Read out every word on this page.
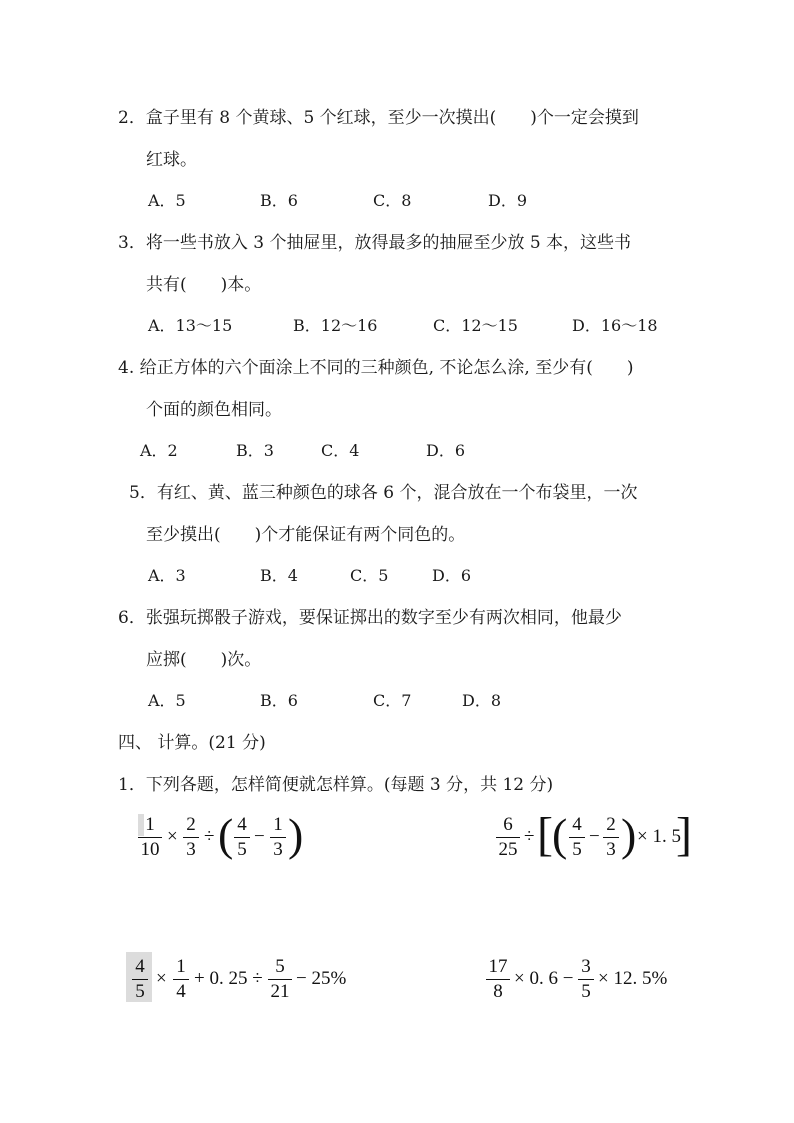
2．盒子里有 8 个黄球、5 个红球，至少一次摸出(　　)个一定会摸到
红球。
A．5	B．6	C．8	D．9
3．将一些书放入 3 个抽屉里，放得最多的抽屉至少放 5 本，这些书
共有(　　)本。
A．13～15	B．12～16	C．12～15	D．16～18
4. 给正方体的六个面涂上不同的三种颜色, 不论怎么涂, 至少有(　　)
个面的颜色相同。
A．2	B．3	C．4	D．6
5．有红、黄、蓝三种颜色的球各 6 个，混合放在一个布袋里，一次
至少摸出(　　)个才能保证有两个同色的。
A．3	B．4	C．5	D．6
6．张强玩掷骰子游戏，要保证掷出的数字至少有两次相同，他最少
应掷(　　)次。
A．5	B．6	C．7	D．8
四、 计算。(21 分)
1．下列各题，怎样简便就怎样算。(每题 3 分，共 12 分)
1
10
×
2
3
÷ ( 4
5
−
1
3 )	6
25
÷ [ ( 4
5
−
2
3 ) × 1. 5
]
4
5
×
1
4
+ 0. 25 ÷
5
21
− 25%
17
8
× 0. 6 −
3
5
× 12. 5%
